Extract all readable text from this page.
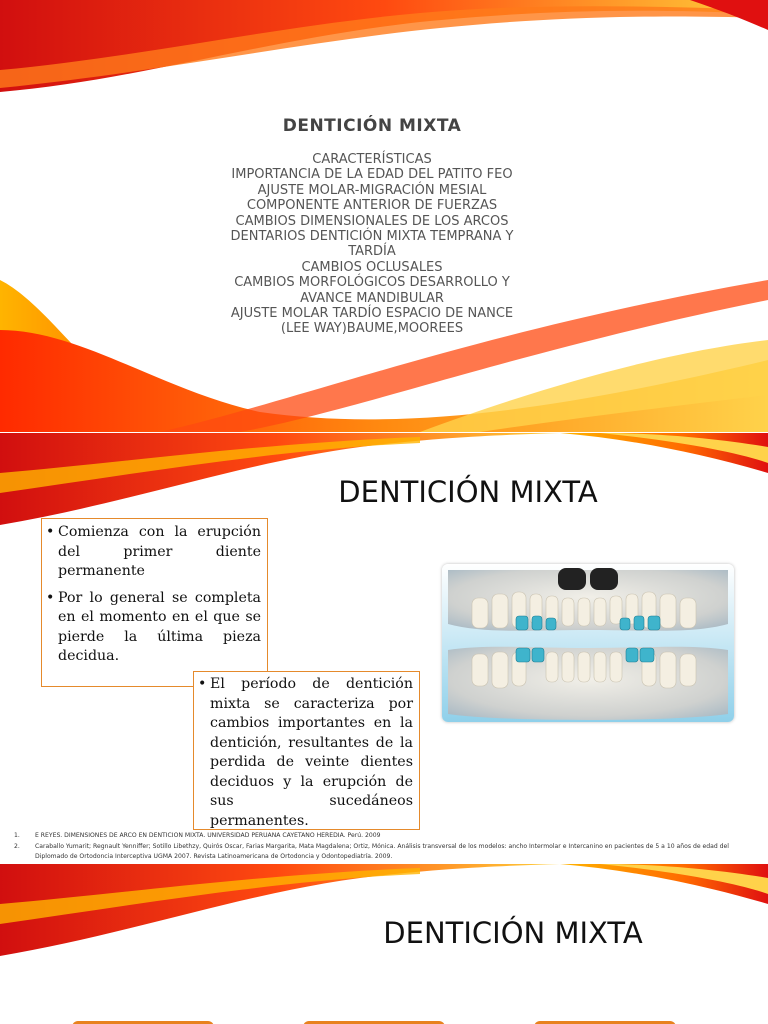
DENTICIÓN MIXTA
CARACTERÍSTICAS
IMPORTANCIA DE LA EDAD DEL PATITO FEO
AJUSTE MOLAR-MIGRACIÓN MESIAL
COMPONENTE ANTERIOR DE FUERZAS
CAMBIOS DIMENSIONALES DE LOS ARCOS
DENTARIOS DENTICIÓN MIXTA TEMPRANA Y
TARDÍA
CAMBIOS OCLUSALES
CAMBIOS MORFOLÓGICOS DESARROLLO Y
AVANCE MANDIBULAR
AJUSTE MOLAR TARDÍO ESPACIO DE NANCE
(LEE WAY)BAUME,MOOREES
DENTICIÓN MIXTA
• Comienza con la erupción del primer diente permanente
• Por lo general se completa en el momento en el que se pierde la última pieza decidua.
• El período de dentición mixta se caracteriza por cambios importantes en la dentición, resultantes de la perdida de veinte dientes deciduos y la erupción de sus sucedáneos permanentes.
1. E REYES. DIMENSIONES DE ARCO EN DENTICION MIXTA. UNIVERSIDAD PERUANA CAYETANO HEREDIA. Perú. 2009
2. Caraballo Yumarit; Regnault Yenniffer; Sotillo Libethzy, Quirós Oscar, Farias Margarita, Mata Magdalena; Ortiz, Mónica. Análisis transversal de los modelos: ancho Intermolar e Intercanino en pacientes de 5 a 10 años de edad del Diplomado de Ortodoncia Interceptiva UGMA 2007. Revista Latinoamericana de Ortodoncia y Odontopediatría. 2009.
DENTICIÓN MIXTA
